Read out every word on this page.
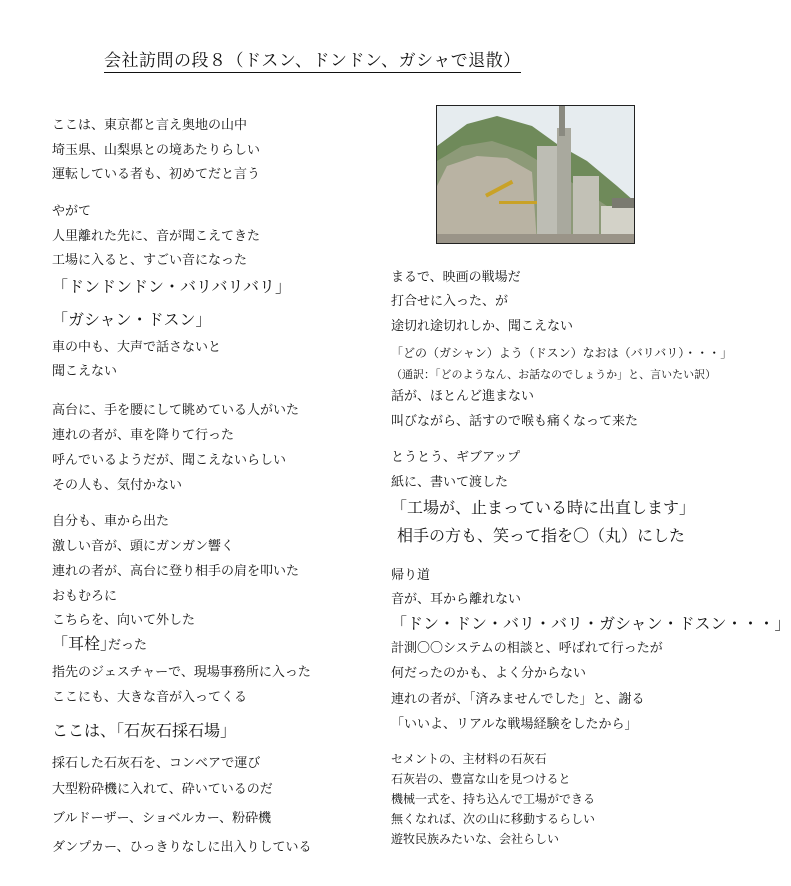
会社訪問の段８（ドスン、ドンドン、ガシャで退散）

ここは、東京都と言え奥地の山中

埼玉県、山梨県との境あたりらしい

運転している者も、初めてだと言う

やがて

人里離れた先に、音が聞こえてきた

工場に入ると、すごい音になった

「ドンドンドン・バリバリバリ」

「ガシャン・ドスン」

車の中も、大声で話さないと

聞こえない

高台に、手を腰にして眺めている人がいた

連れの者が、車を降りて行った

呼んでいるようだが、聞こえないらしい

その人も、気付かない

自分も、車から出た

激しい音が、頭にガンガン響く

連れの者が、高台に登り相手の肩を叩いた

おもむろに

こちらを、向いて外した

「耳栓」

だった

指先のジェスチャーで、現場事務所に入った

ここにも、大きな音が入ってくる

ここは、「石灰石採石場」

採石した石灰石を、コンベアで運び

大型粉砕機に入れて、砕いているのだ

ブルドーザー、ショベルカー、粉砕機

ダンプカー、ひっきりなしに出入りしている

まるで、映画の戦場だ

打合せに入った、が

途切れ途切れしか、聞こえない

「どの（ガシャン）よう（ドスン）なおは（バリバリ）・・・」

（通訳：「どのようなん、お話なのでしょうか」と、言いたい訳）

話が、ほとんど進まない

叫びながら、話すので喉も痛くなって来た

とうとう、ギブアップ

紙に、書いて渡した

「工場が、止まっている時に出直します」

相手の方も、笑って指を〇（丸）にした

帰り道

音が、耳から離れない

「ドン・ドン・バリ・バリ・ガシャン・ドスン・・・」

計測〇〇システムの相談と、呼ばれて行ったが

何だったのかも、よく分からない

連れの者が、「済みませんでした」と、謝る

「いいよ、リアルな戦場経験をしたから」

セメントの、主材料の石灰石

石灰岩の、豊富な山を見つけると

機械一式を、持ち込んで工場ができる

無くなれば、次の山に移動するらしい

遊牧民族みたいな、会社らしい
